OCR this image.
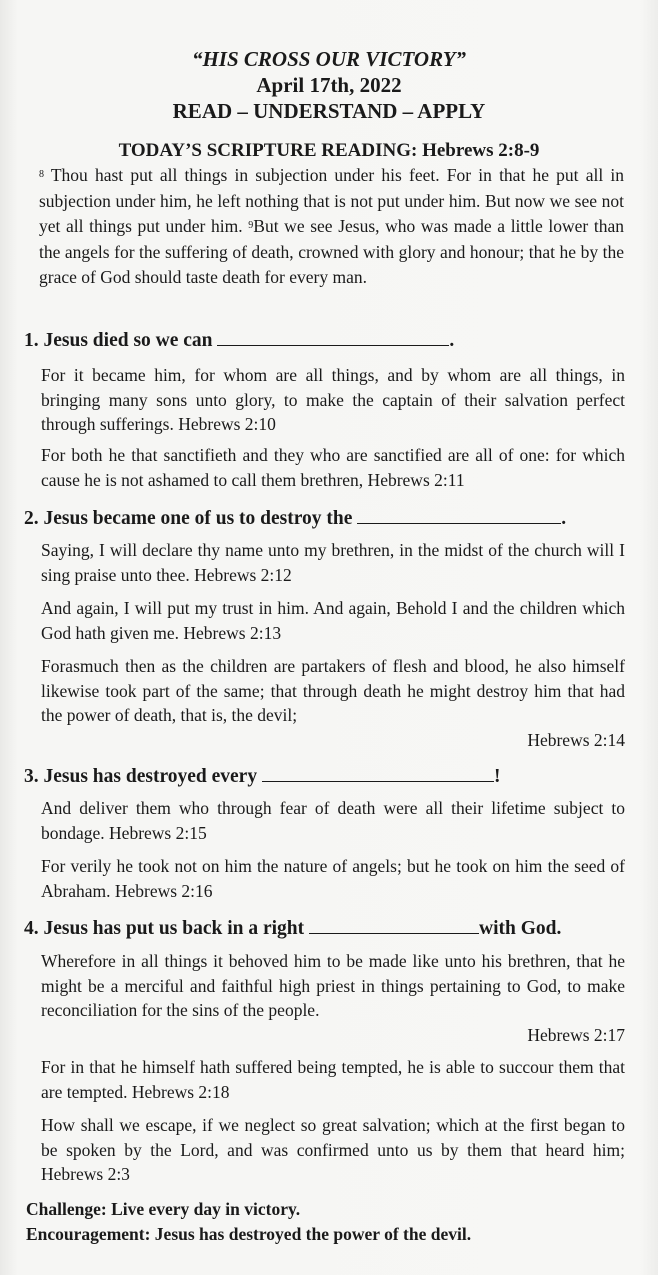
“HIS CROSS OUR VICTORY”
April 17th, 2022
READ – UNDERSTAND – APPLY
TODAY’S SCRIPTURE READING: Hebrews 2:8-9
$^8$ Thou hast put all things in subjection under his feet. For in that he put all in subjection under him, he left nothing that is not put under him. But now we see not yet all things put under him. $^9$But we see Jesus, who was made a little lower than the angels for the suffering of death, crowned with glory and honour; that he by the grace of God should taste death for every man.
1. Jesus died so we can	.
For it became him, for whom are all things, and by whom are all things, in bringing many sons unto glory, to make the captain of their salvation perfect through sufferings. Hebrews 2:10
For both he that sanctifieth and they who are sanctified are all of one: for which cause he is not ashamed to call them brethren, Hebrews 2:11
2. Jesus became one of us to destroy the	.
Saying, I will declare thy name unto my brethren, in the midst of the church will I sing praise unto thee. Hebrews 2:12
And again, I will put my trust in him. And again, Behold I and the children which God hath given me. Hebrews 2:13
Forasmuch then as the children are partakers of flesh and blood, he also himself likewise took part of the same; that through death he might destroy him that had the power of death, that is, the devil;
Hebrews 2:14
3. Jesus has destroyed every	!
And deliver them who through fear of death were all their lifetime subject to bondage. Hebrews 2:15
For verily he took not on him the nature of angels; but he took on him the seed of Abraham. Hebrews 2:16
4. Jesus has put us back in a right	with God.
Wherefore in all things it behoved him to be made like unto his brethren, that he might be a merciful and faithful high priest in things pertaining to God, to make reconciliation for the sins of the people.
Hebrews 2:17
For in that he himself hath suffered being tempted, he is able to succour them that are tempted. Hebrews 2:18
How shall we escape, if we neglect so great salvation; which at the first began to be spoken by the Lord, and was confirmed unto us by them that heard him; Hebrews 2:3
Challenge: Live every day in victory.
Encouragement: Jesus has destroyed the power of the devil.
